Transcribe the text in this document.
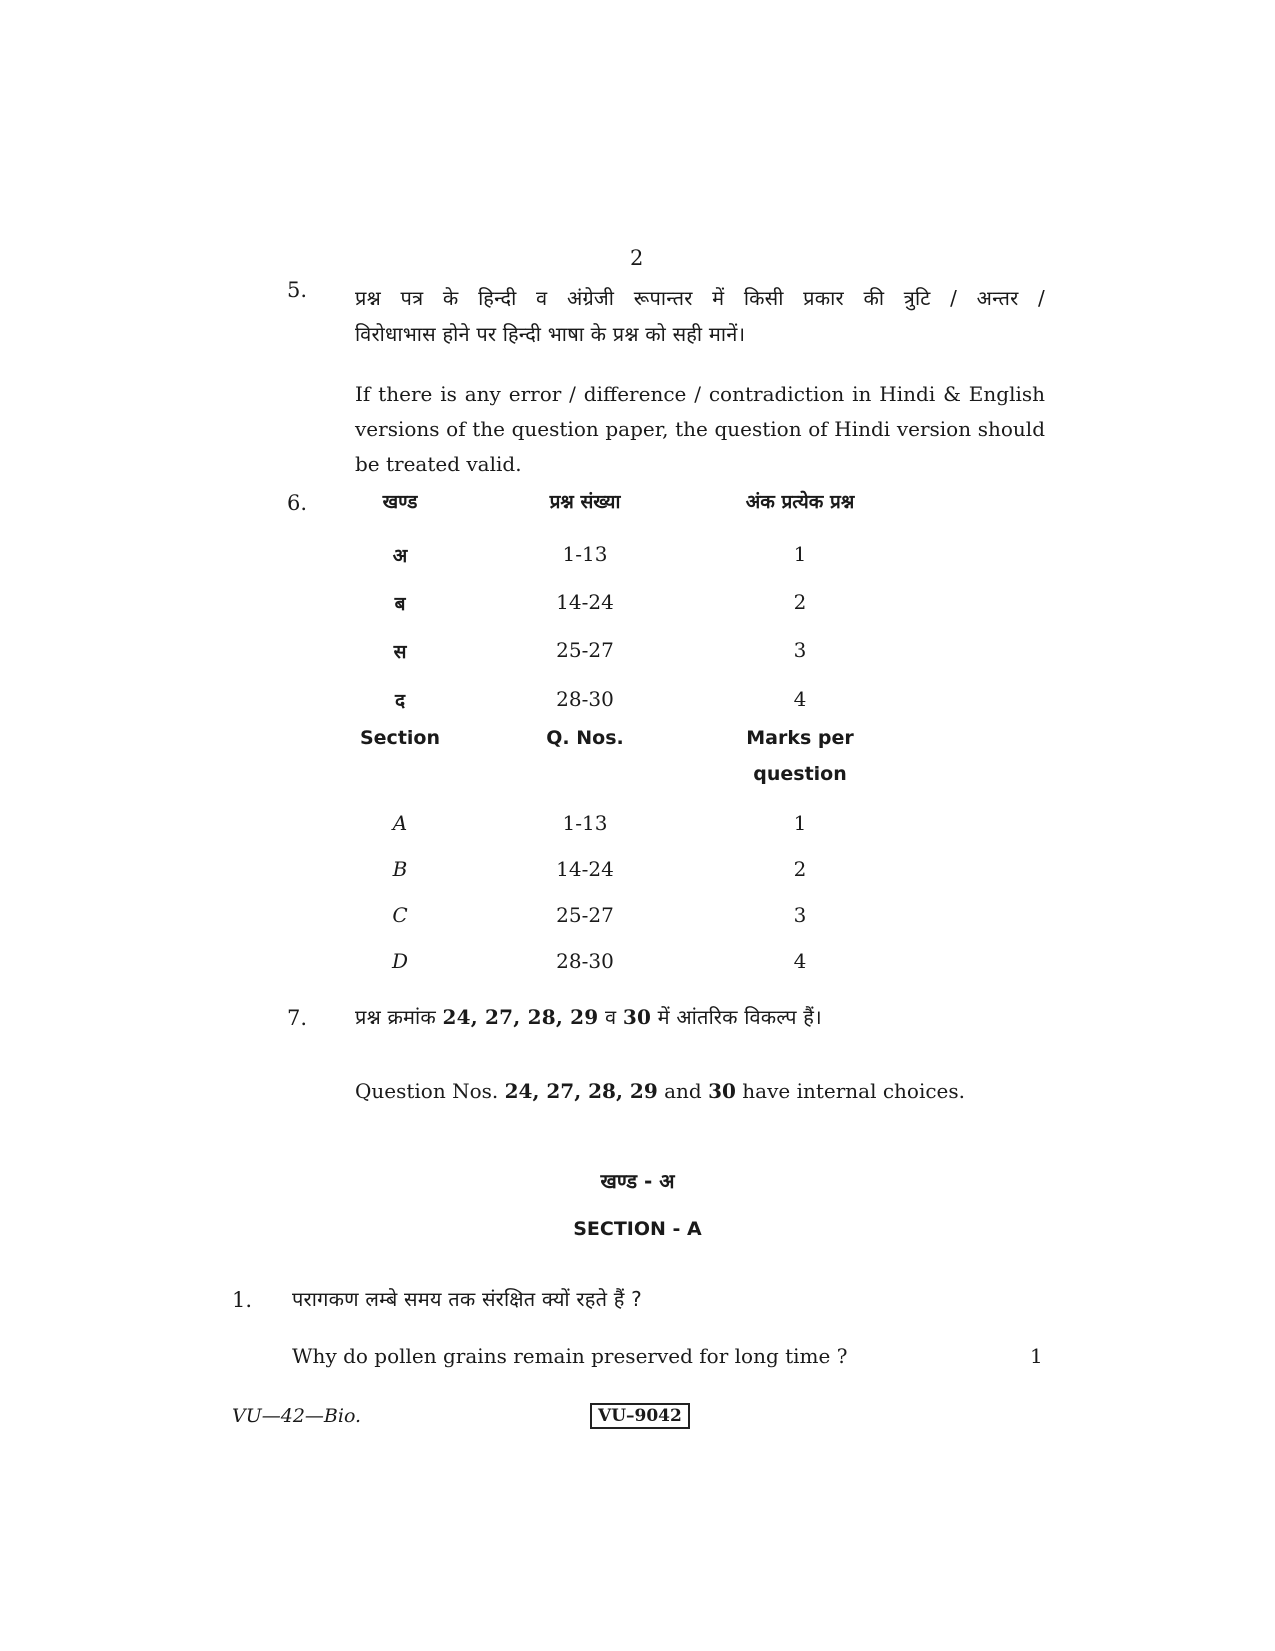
2
5. प्रश्न पत्र के हिन्दी व अंग्रेजी रूपान्तर में किसी प्रकार की त्रुटि / अन्तर /
विरोधाभास होने पर हिन्दी भाषा के प्रश्न को सही मानें।
If there is any error / difference / contradiction in Hindi & English versions of the question paper, the question of Hindi version should be treated valid.
6.	खण्ड	प्रश्न संख्या	अंक प्रत्येक प्रश्न
अ	1-13	1
ब	14-24	2
स	25-27	3
द	28-30	4
Section	Q. Nos.	Marks per
question
A	1-13	1
B	14-24	2
C	25-27	3
D	28-30	4
7. प्रश्न क्रमांक 24, 27, 28, 29 व 30 में आंतरिक विकल्प हैं।
Question Nos. 24, 27, 28, 29 and 30 have internal choices.
खण्ड - अ
SECTION - A
1. परागकण लम्बे समय तक संरक्षित क्यों रहते हैं ?
Why do pollen grains remain preserved for long time ?	1
VU—42—Bio.	VU–9042
